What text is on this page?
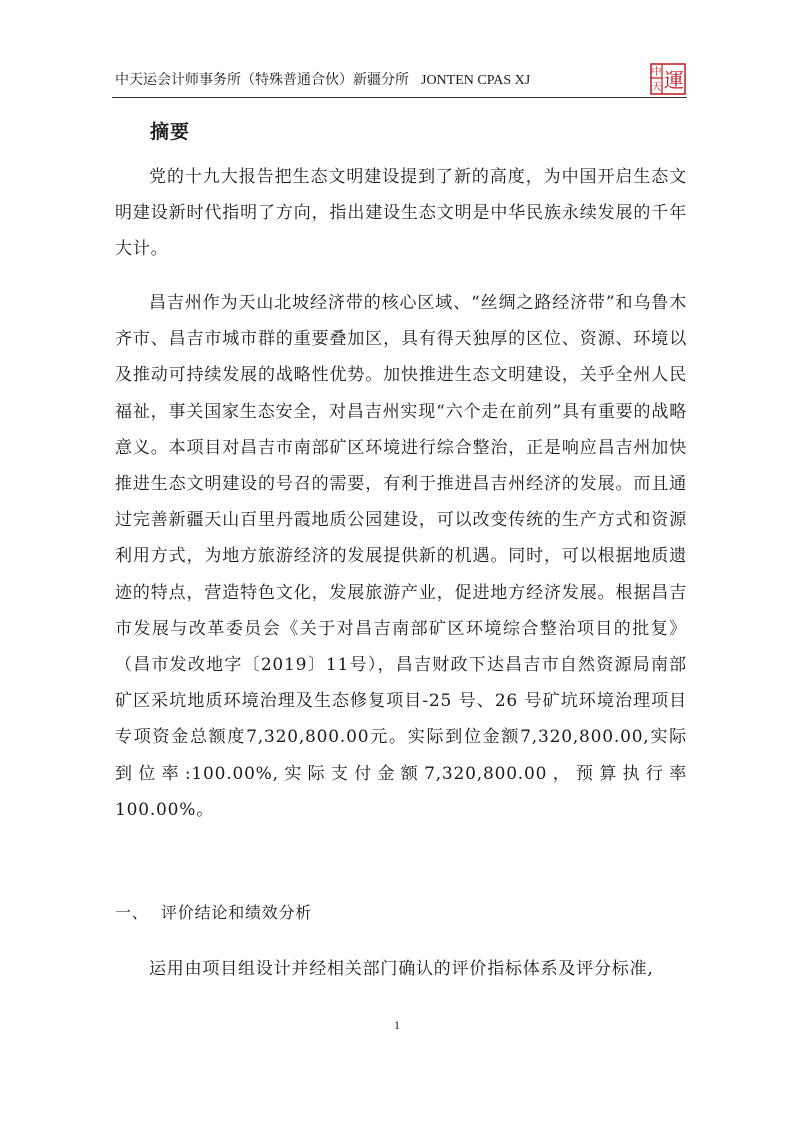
中天运会计师事务所（特殊普通合伙）新疆分所 JONTEN CPAS XJ
中
天 運
摘要

党的十九大报告把生态文明建设提到了新的高度，为中国开启生态文明建设新时代指明了方向，指出建设生态文明是中华民族永续发展的千年大计。

昌吉州作为天山北坡经济带的核心区域、“丝绸之路经济带”和乌鲁木齐市、昌吉市城市群的重要叠加区，具有得天独厚的区位、资源、环境以及推动可持续发展的战略性优势。加快推进生态文明建设，关乎全州人民福祉，事关国家生态安全，对昌吉州实现“六个走在前列”具有重要的战略意义。本项目对昌吉市南部矿区环境进行综合整治，正是响应昌吉州加快推进生态文明建设的号召的需要，有利于推进昌吉州经济的发展。而且通过完善新疆天山百里丹霞地质公园建设，可以改变传统的生产方式和资源利用方式，为地方旅游经济的发展提供新的机遇。同时，可以根据地质遗迹的特点，营造特色文化，发展旅游产业，促进地方经济发展。根据昌吉市发展与改革委员会《关于对昌吉南部矿区环境综合整治项目的批复》（昌市发改地字〔2019〕11号），昌吉财政下达昌吉市自然资源局南部矿区采坑地质环境治理及生态修复项目-25 号、26 号矿坑环境治理项目专项资金总额度7,320,800.00元。实际到位金额7,320,800.00,实际到位率:100.00%,实际支付金额7,320,800.00，预算执行率100.00%。

一、 评价结论和绩效分析

运用由项目组设计并经相关部门确认的评价指标体系及评分标准,

1
